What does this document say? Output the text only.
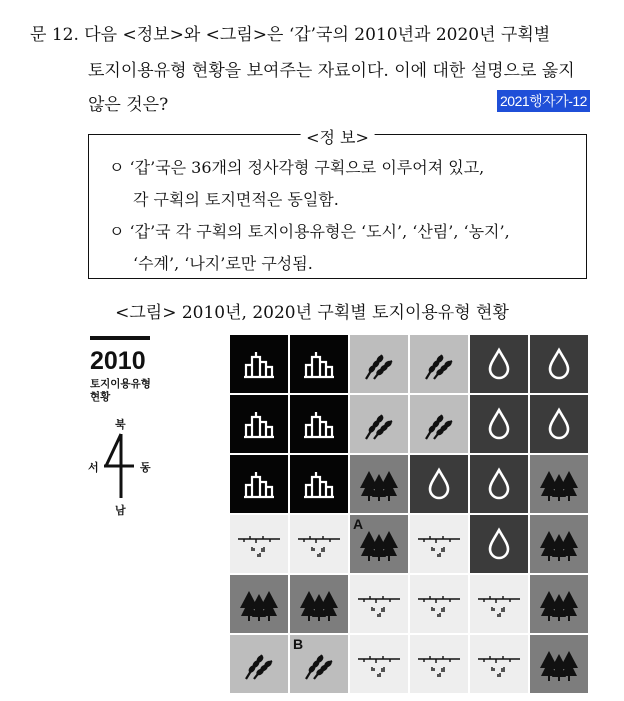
문 12. 다음 <정보>와 <그림>은 ‘갑’국의 2010년과 2020년 구획별
토지이용유형 현황을 보여주는 자료이다. 이에 대한 설명으로 옳지
않은 것은?	2021행자가-12
<정 보>
ㅇ ‘갑’국은 36개의 정사각형 구획으로 이루어져 있고,
각 구획의 토지면적은 동일함.
ㅇ ‘갑’국 각 구획의 토지이용유형은 ‘도시’, ‘산림’, ‘농지’,
‘수계’, ‘나지’로만 구성됨.
<그림> 2010년, 2020년 구획별 토지이용유형 현황
2010
토지이용유형
현황
북
남
서	동
A
B
